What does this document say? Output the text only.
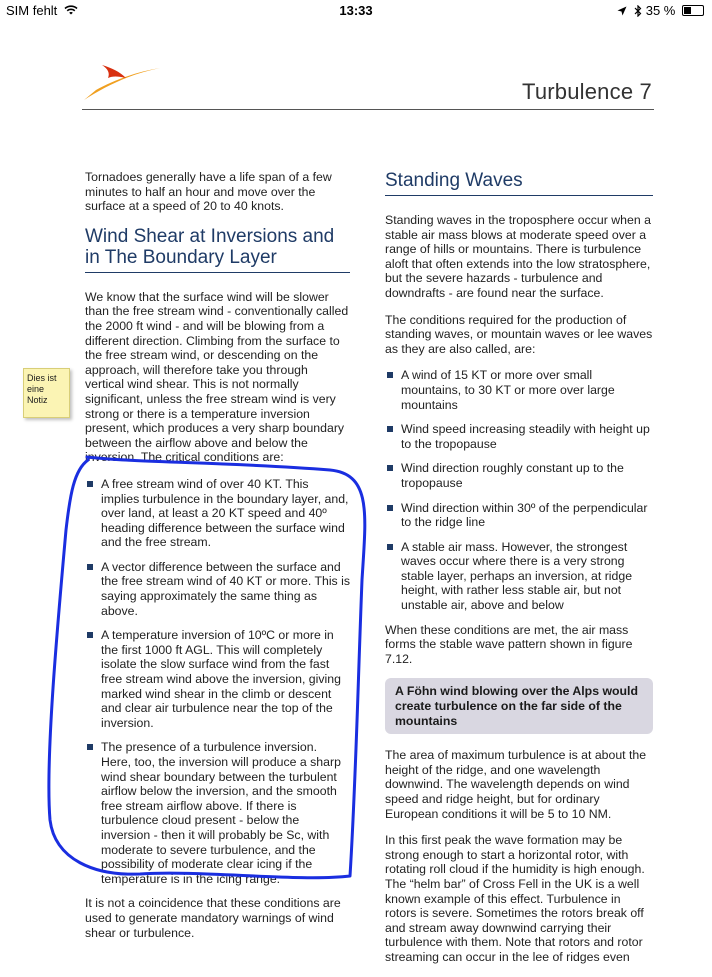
SIM fehlt	13:33	35 %
Turbulence 7

Tornadoes generally have a life span of a few minutes to half an hour and move over the surface at a speed of 20 to 40 knots.

Wind Shear at Inversions and in The Boundary Layer

We know that the surface wind will be slower than the free stream wind - conventionally called the 2000 ft wind - and will be blowing from a different direction. Climbing from the surface to the free stream wind, or descending on the approach, will therefore take you through vertical wind shear. This is not normally significant, unless the free stream wind is very strong or there is a temperature inversion present, which produces a very sharp boundary between the airflow above and below the inversion. The critical conditions are:

A free stream wind of over 40 KT. This implies turbulence in the boundary layer, and, over land, at least a 20 KT speed and 40º heading difference between the surface wind and the free stream.
A vector difference between the surface and the free stream wind of 40 KT or more. This is saying approximately the same thing as above.
A temperature inversion of 10ºC or more in the first 1000 ft AGL. This will completely isolate the slow surface wind from the fast free stream wind above the inversion, giving marked wind shear in the climb or descent and clear air turbulence near the top of the inversion.
The presence of a turbulence inversion. Here, too, the inversion will produce a sharp wind shear boundary between the turbulent airflow below the inversion, and the smooth free stream airflow above. If there is turbulence cloud present - below the inversion - then it will probably be Sc, with moderate to severe turbulence, and the possibility of moderate clear icing if the temperature is in the icing range.

It is not a coincidence that these conditions are used to generate mandatory warnings of wind shear or turbulence.

Standing Waves

Standing waves in the troposphere occur when a stable air mass blows at moderate speed over a range of hills or mountains. There is turbulence aloft that often extends into the low stratosphere, but the severe hazards - turbulence and downdrafts - are found near the surface.

The conditions required for the production of standing waves, or mountain waves or lee waves as they are also called, are:

A wind of 15 KT or more over small mountains, to 30 KT or more over large mountains
Wind speed increasing steadily with height up to the tropopause
Wind direction roughly constant up to the tropopause
Wind direction within 30º of the perpendicular to the ridge line
A stable air mass. However, the strongest waves occur where there is a very strong stable layer, perhaps an inversion, at ridge height, with rather less stable air, but not unstable air, above and below

When these conditions are met, the air mass forms the stable wave pattern shown in figure 7.12.

A Föhn wind blowing over the Alps would create turbulence on the far side of the mountains

The area of maximum turbulence is at about the height of the ridge, and one wavelength downwind. The wavelength depends on wind speed and ridge height, but for ordinary European conditions it will be 5 to 10 NM.

In this first peak the wave formation may be strong enough to start a horizontal rotor, with rotating roll cloud if the humidity is high enough. The “helm bar” of Cross Fell in the UK is a well known example of this effect. Turbulence in rotors is severe. Sometimes the rotors break off and stream away downwind carrying their turbulence with them. Note that rotors and rotor streaming can occur in the lee of ridges even

Dies ist eine Notiz
